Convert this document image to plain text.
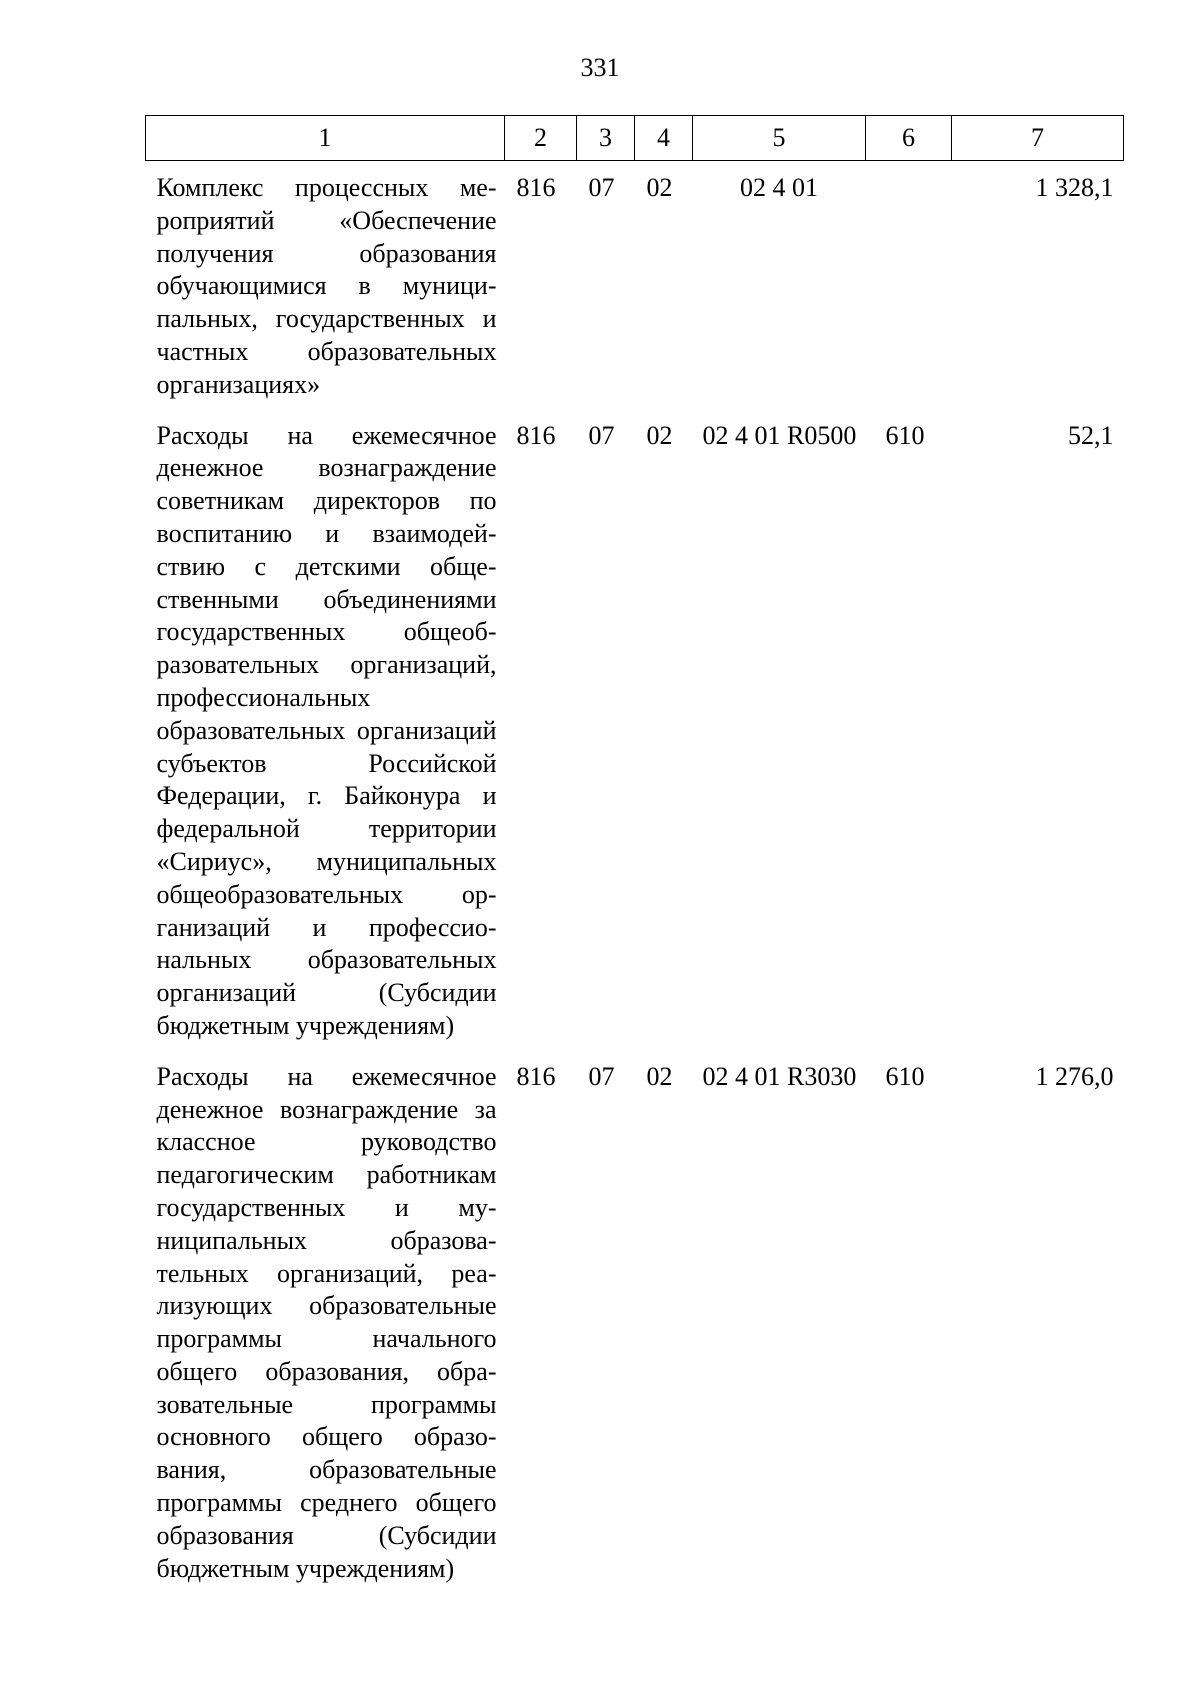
331
1	2	3	4	5	6	7
Комплекс процессных мероприятий «Обеспечение получения образования обучающимися в муниципальных, государственных и частных образовательных организациях»	816	07	02	02 4 01		1 328,1
Расходы на ежемесячное денежное вознаграждение советникам директоров по воспитанию и взаимодействию с детскими общественными объединениями государственных общеобразовательных организаций, профессиональных образовательных организаций субъектов Российской Федерации, г. Байконура и федеральной территории «Сириус», муниципальных общеобразовательных организаций и профессиональных образовательных организаций (Субсидии бюджетным учреждениям)	816	07	02	02 4 01 R0500	610	52,1
Расходы на ежемесячное денежное вознаграждение за классное руководство педагогическим работникам государственных и муниципальных образовательных организаций, реализующих образовательные программы начального общего образования, образовательные программы основного общего образования, образовательные программы среднего общего образования (Субсидии бюджетным учреждениям)	816	07	02	02 4 01 R3030	610	1 276,0
